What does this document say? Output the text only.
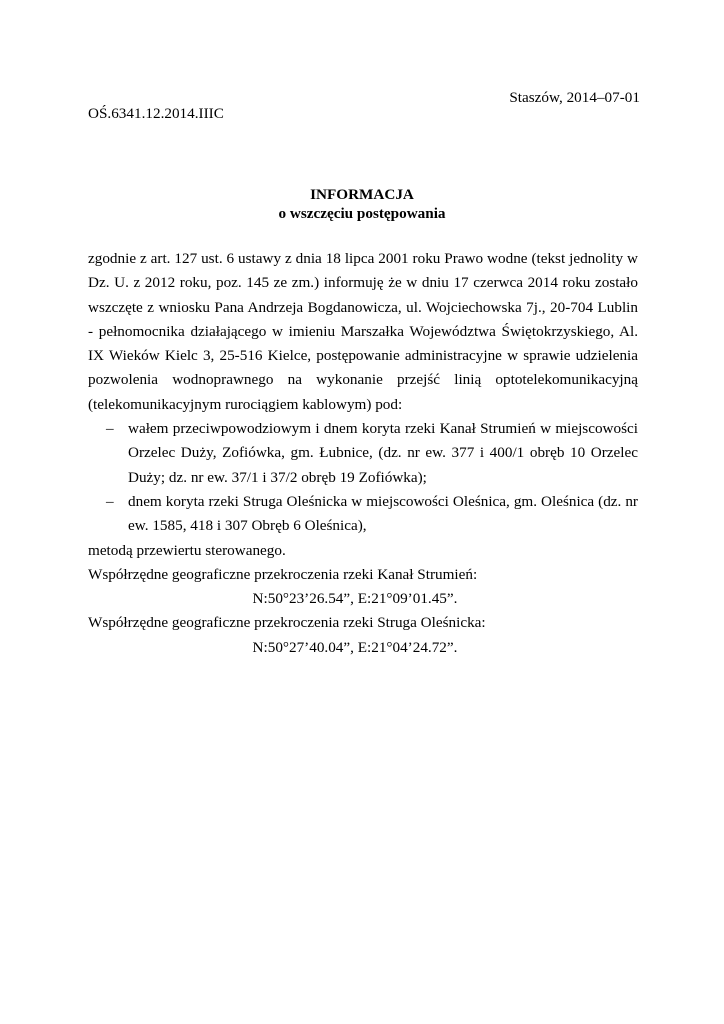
Staszów, 2014–07-01
OŚ.6341.12.2014.IIIC
INFORMACJA
o wszczęciu postępowania

zgodnie z art. 127 ust. 6 ustawy z dnia 18 lipca 2001 roku Prawo wodne (tekst jednolity w Dz. U. z 2012 roku, poz. 145 ze zm.) informuję że w dniu 17 czerwca 2014 roku zostało wszczęte z wniosku Pana Andrzeja Bogdanowicza, ul. Wojciechowska 7j., 20-704 Lublin - pełnomocnika działającego w imieniu Marszałka Województwa Świętokrzyskiego, Al. IX Wieków Kielc 3, 25-516 Kielce, postępowanie administracyjne w sprawie udzielenia pozwolenia wodnoprawnego na wykonanie przejść linią optotelekomunikacyjną (telekomunikacyjnym rurociągiem kablowym) pod:

– wałem przeciwpowodziowym i dnem koryta rzeki Kanał Strumień w miejscowości Orzelec Duży, Zofiówka, gm. Łubnice, (dz. nr ew. 377 i 400/1 obręb 10 Orzelec Duży; dz. nr ew. 37/1 i 37/2 obręb 19 Zofiówka);
– dnem koryta rzeki Struga Oleśnicka w miejscowości Oleśnica, gm. Oleśnica (dz. nr ew. 1585, 418 i 307 Obręb 6 Oleśnica),
metodą przewiertu sterowanego.
Współrzędne geograficzne przekroczenia rzeki Kanał Strumień:
N:50°23’26.54”, E:21°09’01.45”.
Współrzędne geograficzne przekroczenia rzeki Struga Oleśnicka:
N:50°27’40.04”, E:21°04’24.72”.
